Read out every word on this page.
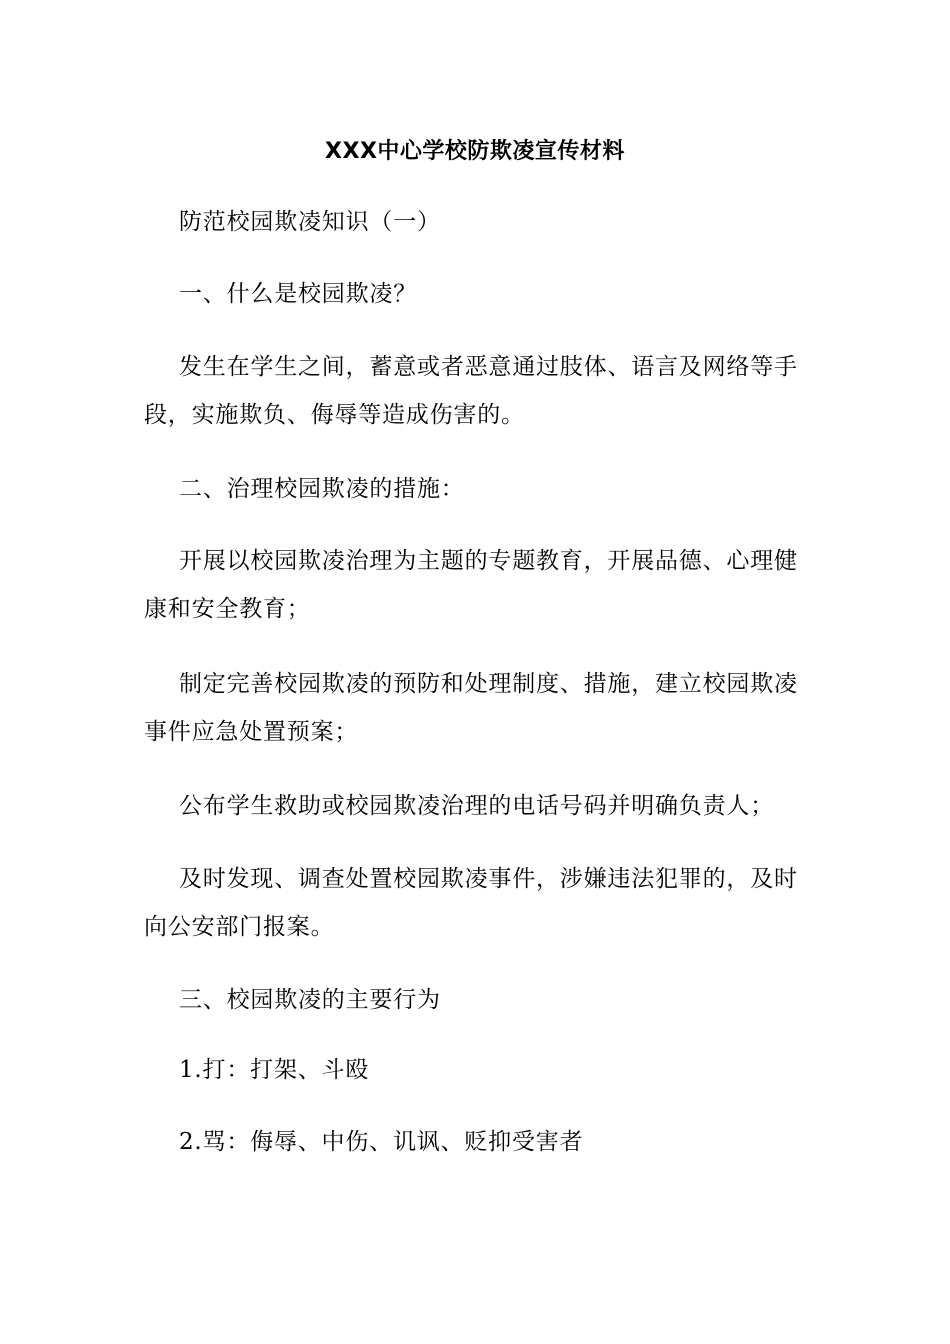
XXX中心学校防欺凌宣传材料
防范校园欺凌知识（一）
一、什么是校园欺凌？
发生在学生之间，蓄意或者恶意通过肢体、语言及网络等手
段，实施欺负、侮辱等造成伤害的。
二、治理校园欺凌的措施：
开展以校园欺凌治理为主题的专题教育，开展品德、心理健
康和安全教育；
制定完善校园欺凌的预防和处理制度、措施，建立校园欺凌
事件应急处置预案；
公布学生救助或校园欺凌治理的电话号码并明确负责人；
及时发现、调查处置校园欺凌事件，涉嫌违法犯罪的，及时
向公安部门报案。
三、校园欺凌的主要行为
1.打：打架、斗殴
2.骂：侮辱、中伤、讥讽、贬抑受害者
